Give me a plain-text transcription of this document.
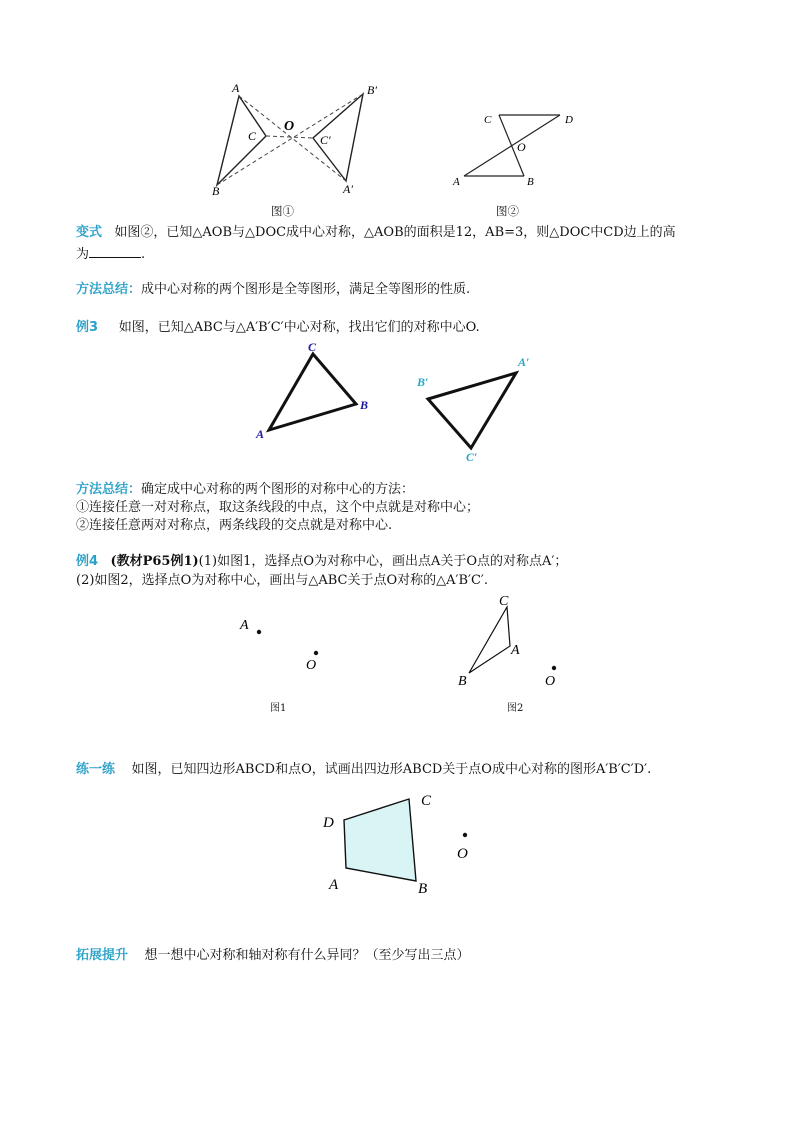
A
B
C
O
C′
B′
A′
图①
C	D
O
A	B
图②
变式 如图②，已知△AOB与△DOC成中心对称，△AOB的面积是12，AB=3，则△DOC中CD边上的高
为	.
方法总结：成中心对称的两个图形是全等图形，满足全等图形的性质.
例3 如图，已知△ABC与△A′B′C′中心对称，找出它们的对称中心O.
C
B
A
A′
B′
C′
方法总结：确定成中心对称的两个图形的对称中心的方法：
①连接任意一对对称点，取这条线段的中点，这个中点就是对称中心；
②连接任意两对对称点，两条线段的交点就是对称中心.
例4 (教材P65例1)(1)如图1，选择点O为对称中心，画出点A关于O点的对称点A′；
(2)如图2，选择点O为对称中心，画出与△ABC关于点O对称的△A′B′C′.
A
O
图1
C
A
B	O
图2
练一练 如图，已知四边形ABCD和点O，试画出四边形ABCD关于点O成中心对称的图形A′B′C′D′.
D
C
A	B
O
拓展提升 想一想中心对称和轴对称有什么异同？（至少写出三点）
